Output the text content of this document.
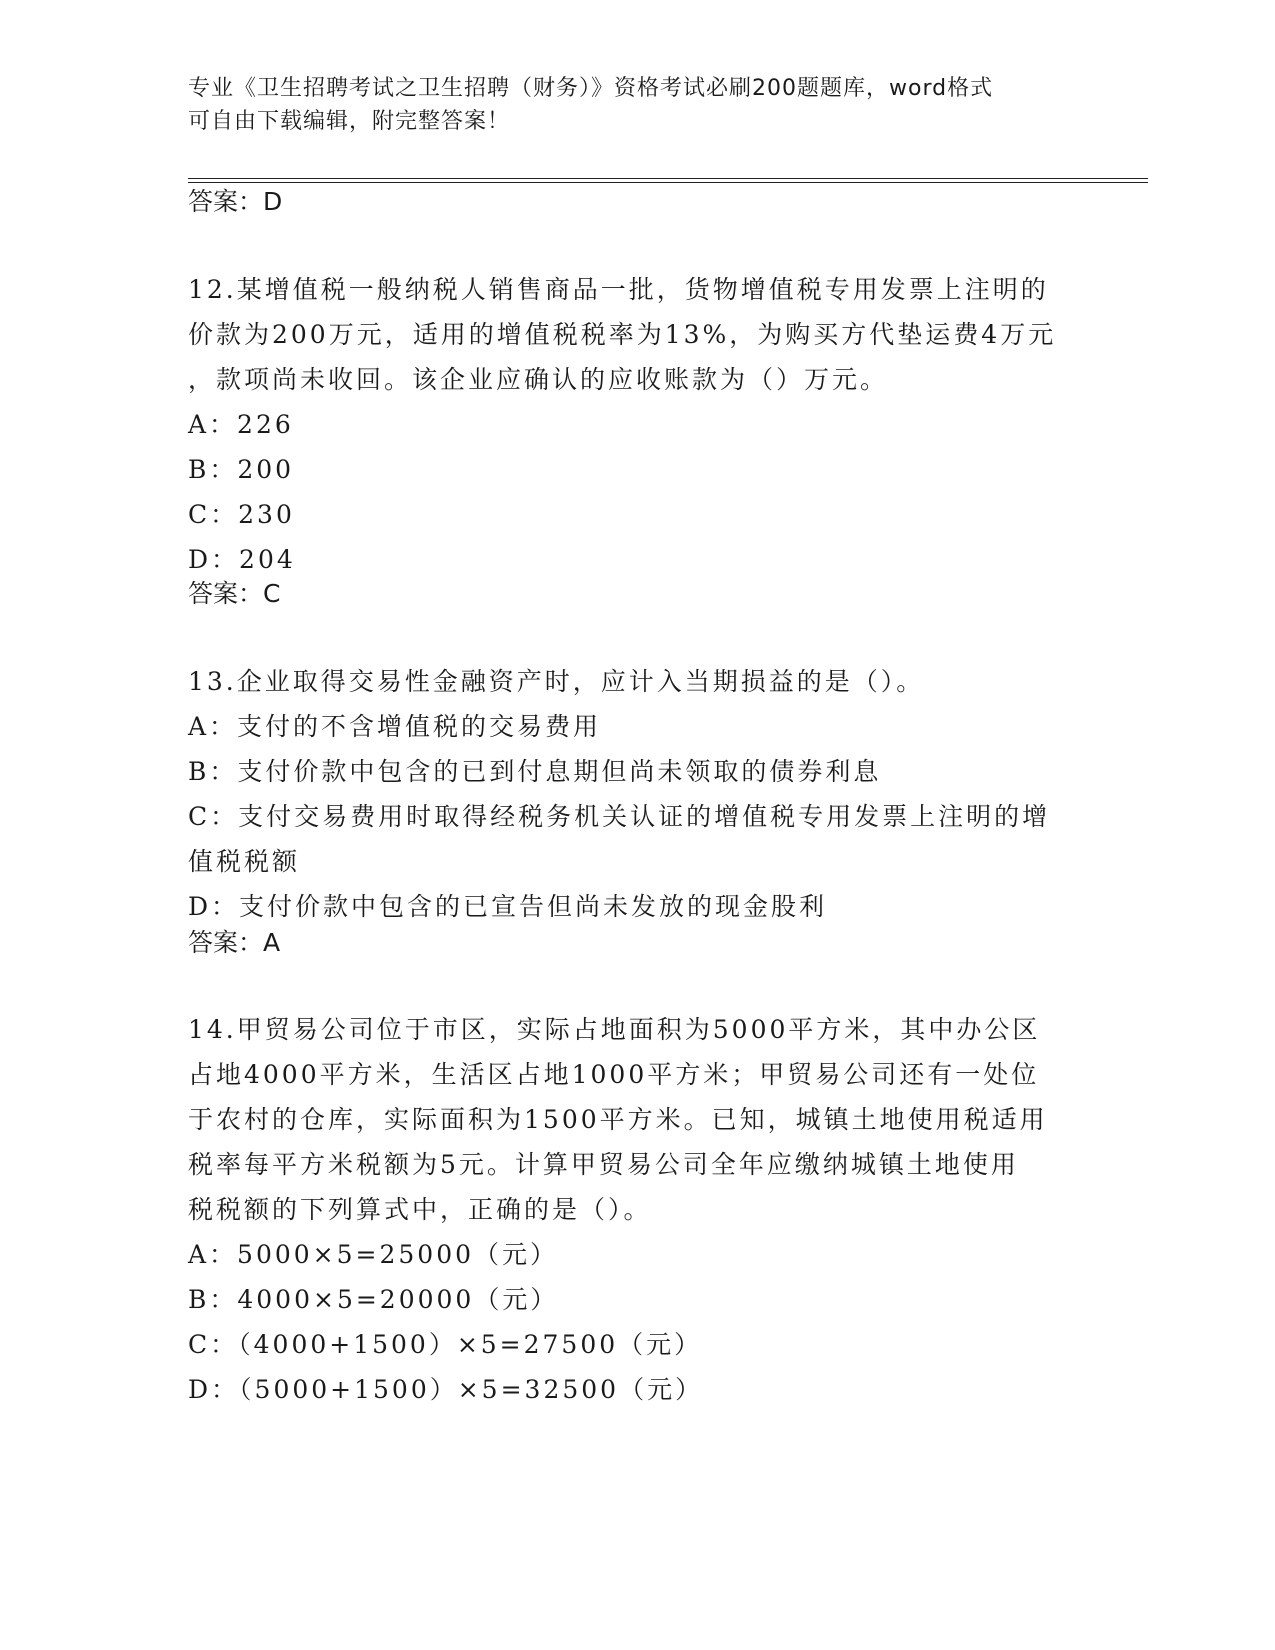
专业《卫生招聘考试之卫生招聘（财务）》资格考试必刷200题题库，word格式
可自由下载编辑，附完整答案！
答案：D
12.某增值税一般纳税人销售商品一批，货物增值税专用发票上注明的
价款为200万元，适用的增值税税率为13%，为购买方代垫运费4万元
，款项尚未收回。该企业应确认的应收账款为（）万元。
A：226
B：200
C：230
D：204
答案：C
13.企业取得交易性金融资产时，应计入当期损益的是（）。
A：支付的不含增值税的交易费用
B：支付价款中包含的已到付息期但尚未领取的债券利息
C：支付交易费用时取得经税务机关认证的增值税专用发票上注明的增
值税税额
D：支付价款中包含的已宣告但尚未发放的现金股利
答案：A
14.甲贸易公司位于市区，实际占地面积为5000平方米，其中办公区
占地4000平方米，生活区占地1000平方米；甲贸易公司还有一处位
于农村的仓库，实际面积为1500平方米。已知，城镇土地使用税适用
税率每平方米税额为5元。计算甲贸易公司全年应缴纳城镇土地使用
税税额的下列算式中，正确的是（）。
A：5000×5=25000（元）
B：4000×5=20000（元）
C：（4000+1500）×5=27500（元）
D：（5000+1500）×5=32500（元）
